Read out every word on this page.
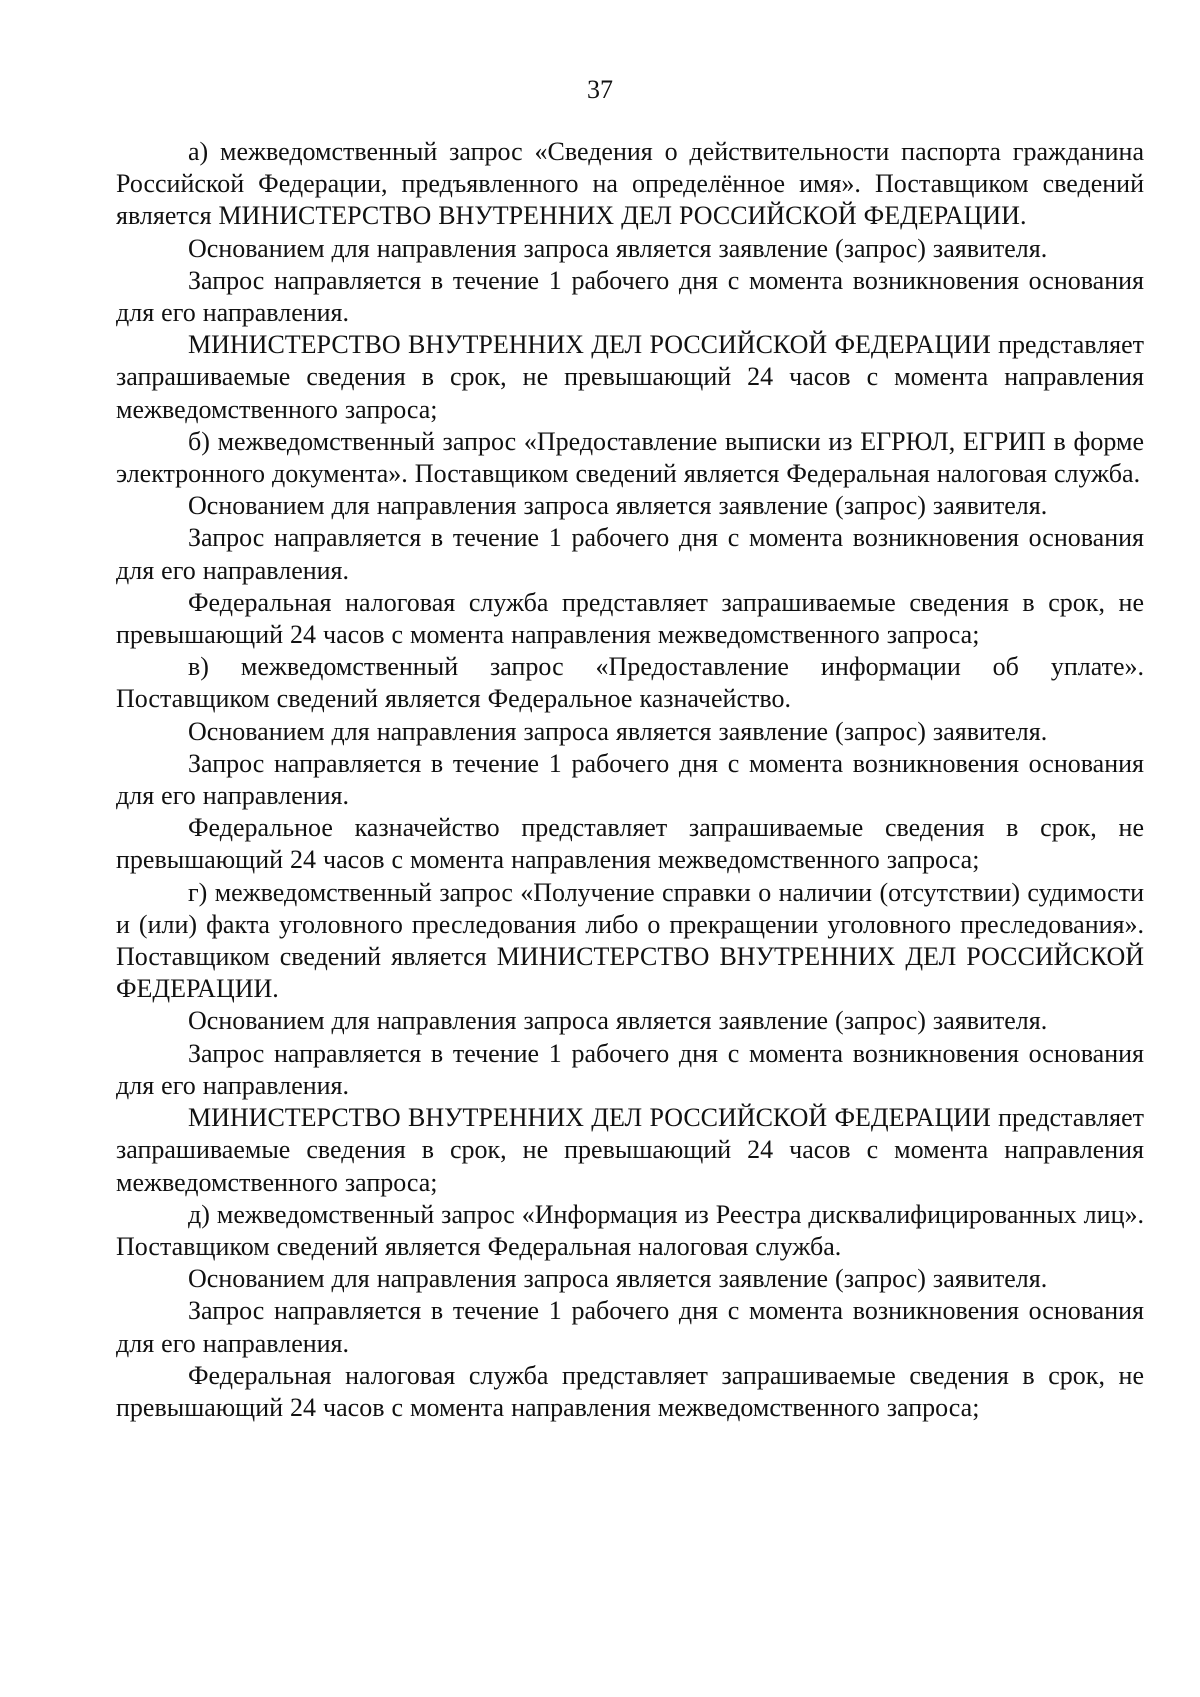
37

а) межведомственный запрос «Сведения о действительности паспорта гражданина Российской Федерации, предъявленного на определённое имя». Поставщиком сведений является МИНИСТЕРСТВО ВНУТРЕННИХ ДЕЛ РОССИЙСКОЙ ФЕДЕРАЦИИ.

Основанием для направления запроса является заявление (запрос) заявителя.

Запрос направляется в течение 1 рабочего дня с момента возникновения основания для его направления.

МИНИСТЕРСТВО ВНУТРЕННИХ ДЕЛ РОССИЙСКОЙ ФЕДЕРАЦИИ представляет запрашиваемые сведения в срок, не превышающий 24 часов с момента направления межведомственного запроса;

б) межведомственный запрос «Предоставление выписки из ЕГРЮЛ, ЕГРИП в форме электронного документа». Поставщиком сведений является Федеральная налоговая служба.

Основанием для направления запроса является заявление (запрос) заявителя.

Запрос направляется в течение 1 рабочего дня с момента возникновения основания для его направления.

Федеральная налоговая служба представляет запрашиваемые сведения в срок, не превышающий 24 часов с момента направления межведомственного запроса;

в) межведомственный запрос «Предоставление информации об уплате». Поставщиком сведений является Федеральное казначейство.

Основанием для направления запроса является заявление (запрос) заявителя.

Запрос направляется в течение 1 рабочего дня с момента возникновения основания для его направления.

Федеральное казначейство представляет запрашиваемые сведения в срок, не превышающий 24 часов с момента направления межведомственного запроса;

г) межведомственный запрос «Получение справки о наличии (отсутствии) судимости и (или) факта уголовного преследования либо о прекращении уголовного преследования». Поставщиком сведений является МИНИСТЕРСТВО ВНУТРЕННИХ ДЕЛ РОССИЙСКОЙ ФЕДЕРАЦИИ.

Основанием для направления запроса является заявление (запрос) заявителя.

Запрос направляется в течение 1 рабочего дня с момента возникновения основания для его направления.

МИНИСТЕРСТВО ВНУТРЕННИХ ДЕЛ РОССИЙСКОЙ ФЕДЕРАЦИИ представляет запрашиваемые сведения в срок, не превышающий 24 часов с момента направления межведомственного запроса;

д) межведомственный запрос «Информация из Реестра дисквалифицированных лиц». Поставщиком сведений является Федеральная налоговая служба.

Основанием для направления запроса является заявление (запрос) заявителя.

Запрос направляется в течение 1 рабочего дня с момента возникновения основания для его направления.

Федеральная налоговая служба представляет запрашиваемые сведения в срок, не превышающий 24 часов с момента направления межведомственного запроса;
